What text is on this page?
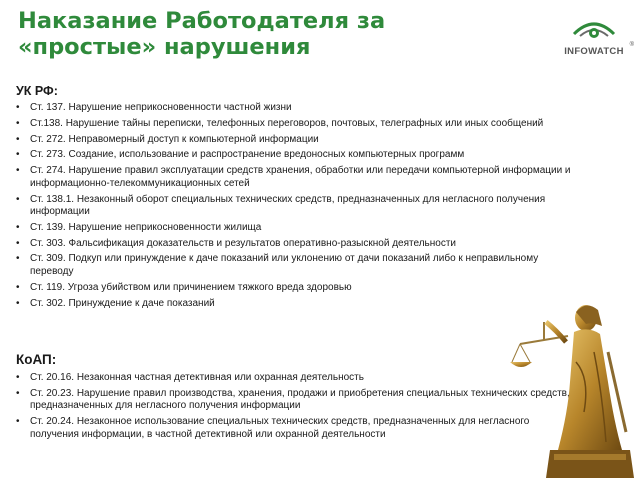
Наказание Работодателя за «простые» нарушения	INFOWATCH
®
УК РФ:
• Ст. 137. Нарушение неприкосновенности частной жизни
• Ст.138. Нарушение тайны переписки, телефонных переговоров, почтовых, телеграфных или иных сообщений
• Ст. 272. Неправомерный доступ к компьютерной информации
• Ст. 273. Создание, использование и распространение вредоносных компьютерных программ
• Ст. 274. Нарушение правил эксплуатации средств хранения, обработки или передачи компьютерной информации и информационно-телекоммуникационных сетей
• Ст. 138.1. Незаконный оборот специальных технических средств, предназначенных для негласного получения информации
• Ст. 139. Нарушение неприкосновенности жилища
• Ст. 303. Фальсификация доказательств и результатов оперативно-разыскной деятельности
• Ст. 309. Подкуп или принуждение к даче показаний или уклонению от дачи показаний либо к неправильному переводу
• Ст. 119. Угроза убийством или причинением тяжкого вреда здоровью
• Ст. 302. Принуждение к даче показаний
КоАП:
• Ст. 20.16. Незаконная частная детективная или охранная деятельность
• Ст. 20.23. Нарушение правил производства, хранения, продажи и приобретения специальных технических средств, предназначенных для негласного получения информации
• Ст. 20.24. Незаконное использование специальных технических средств, предназначенных для негласного получения информации, в частной детективной или охранной деятельности
